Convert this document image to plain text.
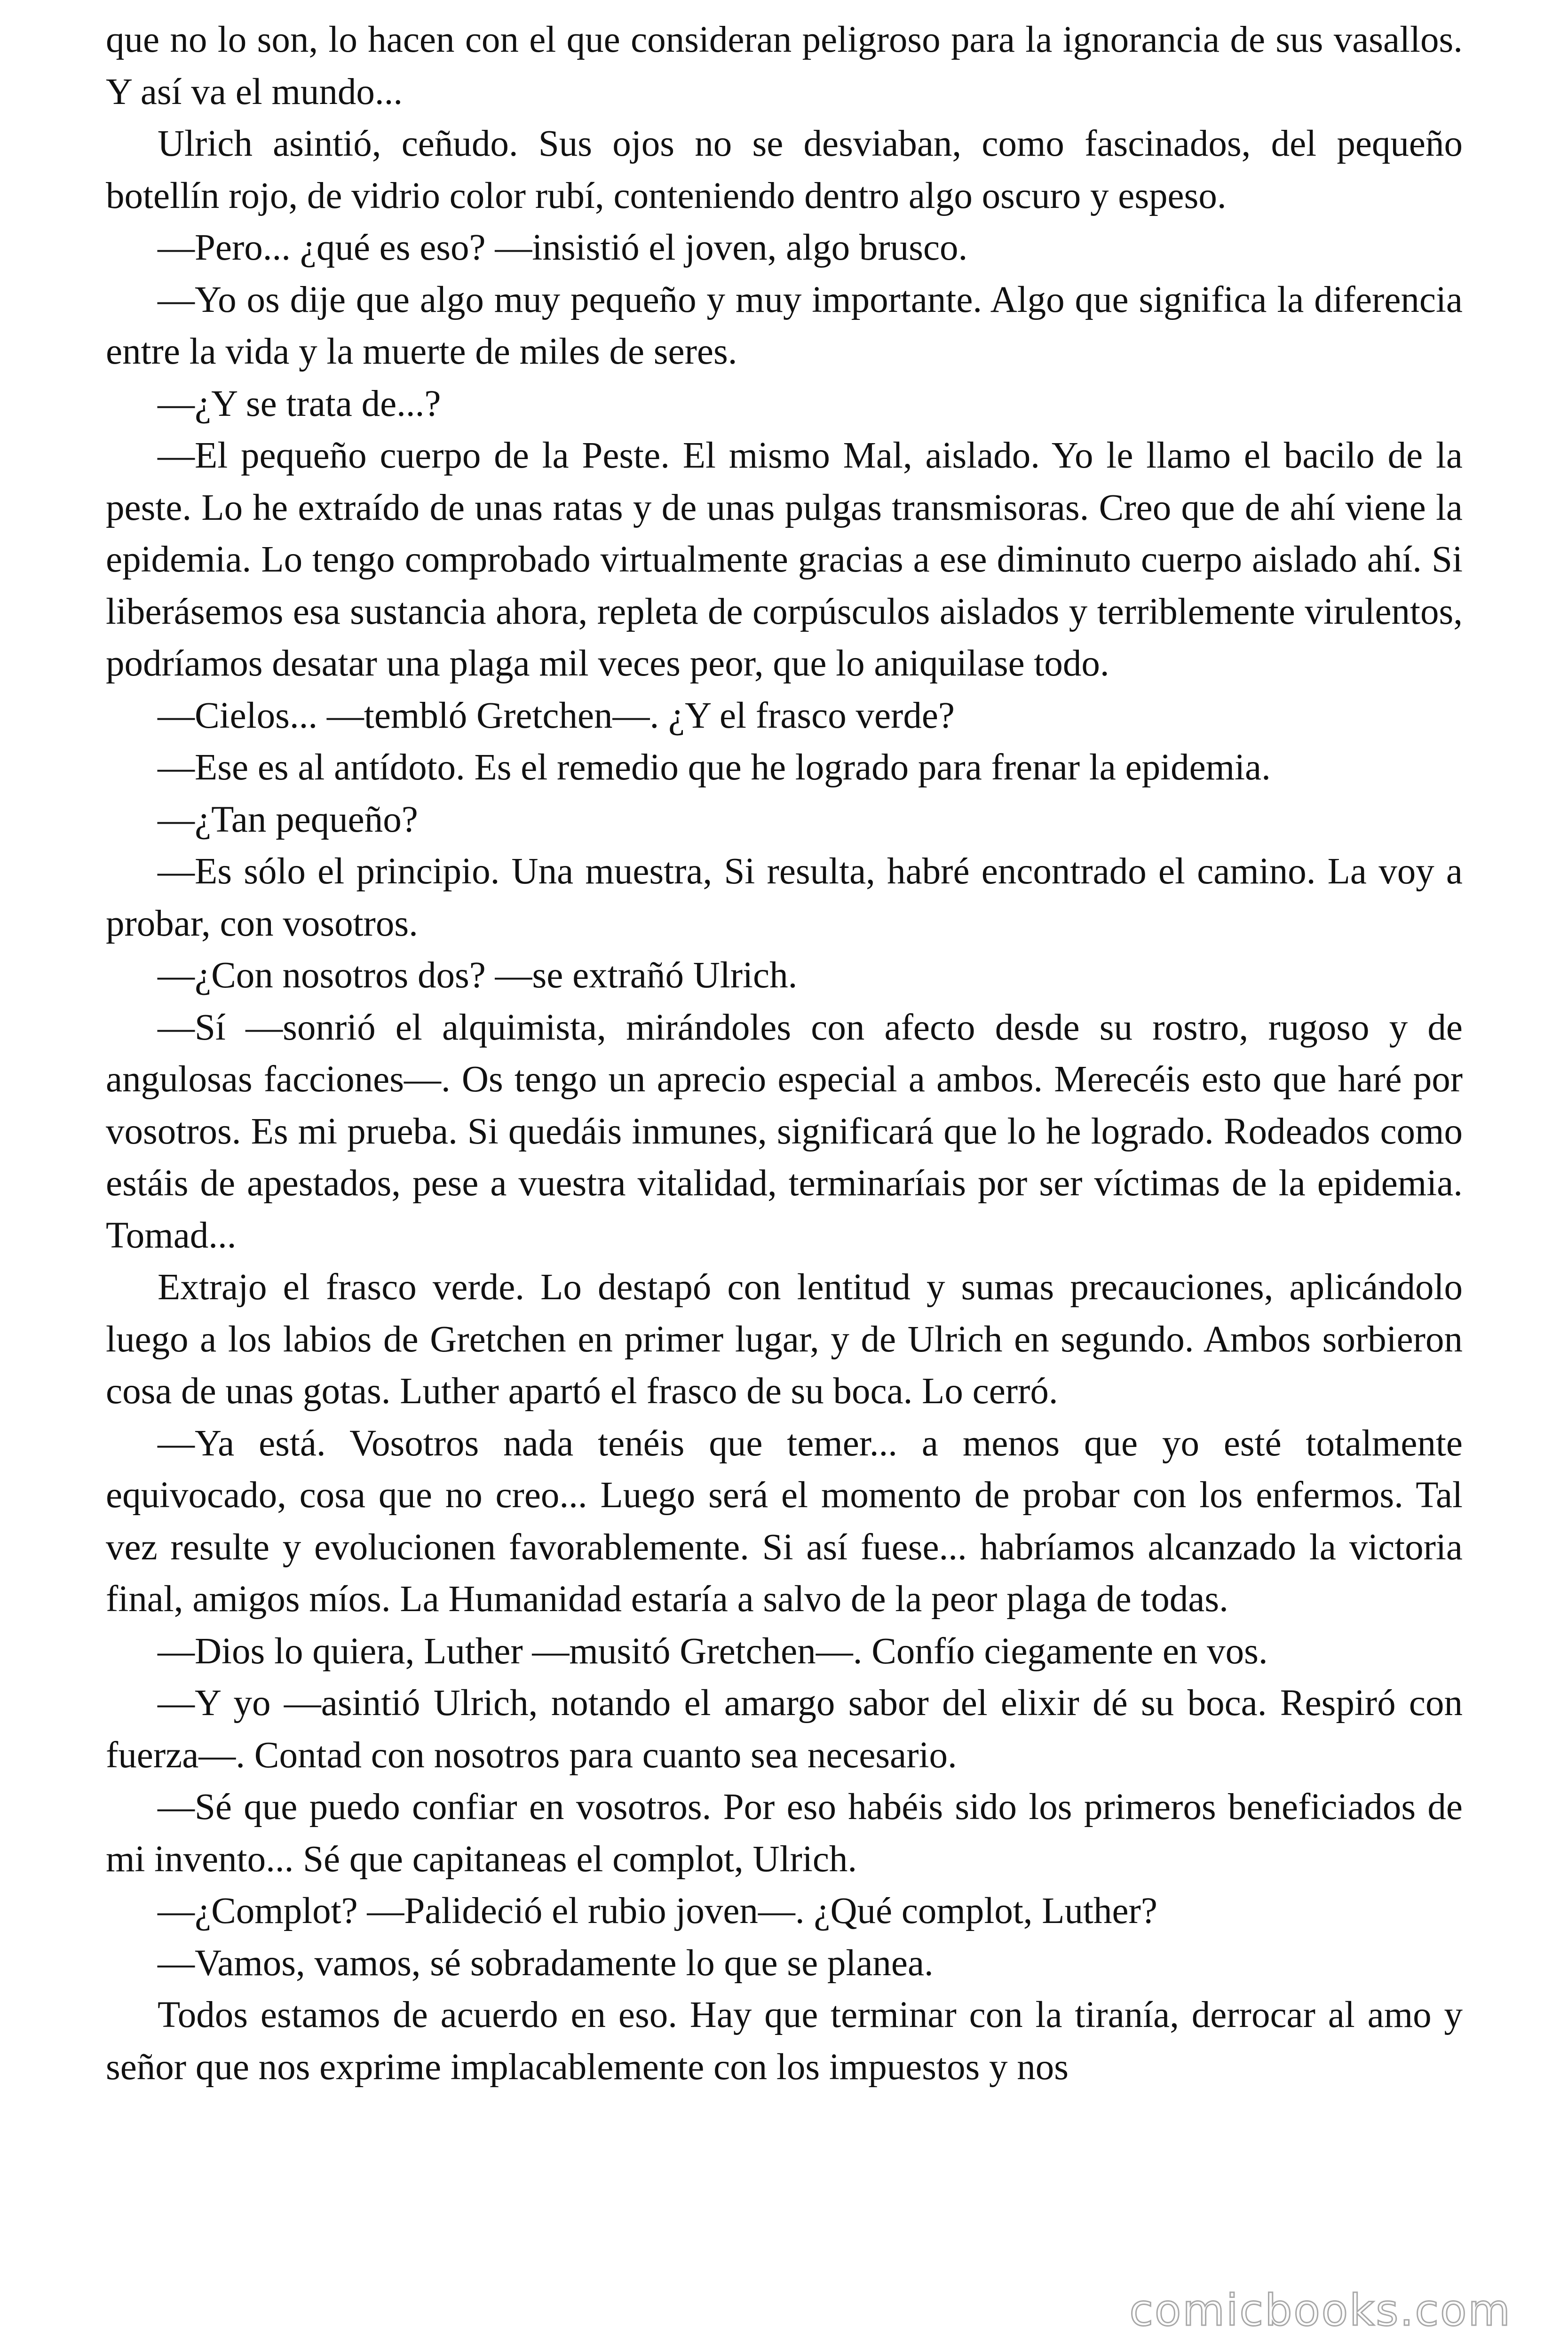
que no lo son, lo hacen con el que consideran peligroso para la ignorancia de sus vasallos. Y así va el mundo...

Ulrich asintió, ceñudo. Sus ojos no se desviaban, como fascinados, del pequeño botellín rojo, de vidrio color rubí, conteniendo dentro algo oscuro y espeso.

—Pero... ¿qué es eso? —insistió el joven, algo brusco.

—Yo os dije que algo muy pequeño y muy importante. Algo que significa la diferencia entre la vida y la muerte de miles de seres.

—¿Y se trata de...?

—El pequeño cuerpo de la Peste. El mismo Mal, aislado. Yo le llamo el bacilo de la peste. Lo he extraído de unas ratas y de unas pulgas transmisoras. Creo que de ahí viene la epidemia. Lo tengo comprobado virtualmente gracias a ese diminuto cuerpo aislado ahí. Si liberásemos esa sustancia ahora, repleta de corpúsculos aislados y terriblemente virulentos, podríamos desatar una plaga mil veces peor, que lo aniquilase todo.

—Cielos... —tembló Gretchen—. ¿Y el frasco verde?

—Ese es al antídoto. Es el remedio que he logrado para frenar la epidemia.

—¿Tan pequeño?

—Es sólo el principio. Una muestra, Si resulta, habré encontrado el camino. La voy a probar, con vosotros.

—¿Con nosotros dos? —se extrañó Ulrich.

—Sí —sonrió el alquimista, mirándoles con afecto desde su rostro, rugoso y de angulosas facciones—. Os tengo un aprecio especial a ambos. Merecéis esto que haré por vosotros. Es mi prueba. Si quedáis inmunes, significará que lo he logrado. Rodeados como estáis de apestados, pese a vuestra vitalidad, terminaríais por ser víctimas de la epidemia. Tomad...

Extrajo el frasco verde. Lo destapó con lentitud y sumas precauciones, aplicándolo luego a los labios de Gretchen en primer lugar, y de Ulrich en segundo. Ambos sorbieron cosa de unas gotas. Luther apartó el frasco de su boca. Lo cerró.

—Ya está. Vosotros nada tenéis que temer... a menos que yo esté totalmente equivocado, cosa que no creo... Luego será el momento de probar con los enfermos. Tal vez resulte y evolucionen favorablemente. Si así fuese... habríamos alcanzado la victoria final, amigos míos. La Humanidad estaría a salvo de la peor plaga de todas.

—Dios lo quiera, Luther —musitó Gretchen—. Confío ciegamente en vos.

—Y yo —asintió Ulrich, notando el amargo sabor del elixir dé su boca. Respiró con fuerza—. Contad con nosotros para cuanto sea necesario.

—Sé que puedo confiar en vosotros. Por eso habéis sido los primeros beneficiados de mi invento... Sé que capitaneas el complot, Ulrich.

—¿Complot? —Palideció el rubio joven—. ¿Qué complot, Luther?

—Vamos, vamos, sé sobradamente lo que se planea.

Todos estamos de acuerdo en eso. Hay que terminar con la tiranía, derrocar al amo y señor que nos exprime implacablemente con los impuestos y nos

comicbooks.com
